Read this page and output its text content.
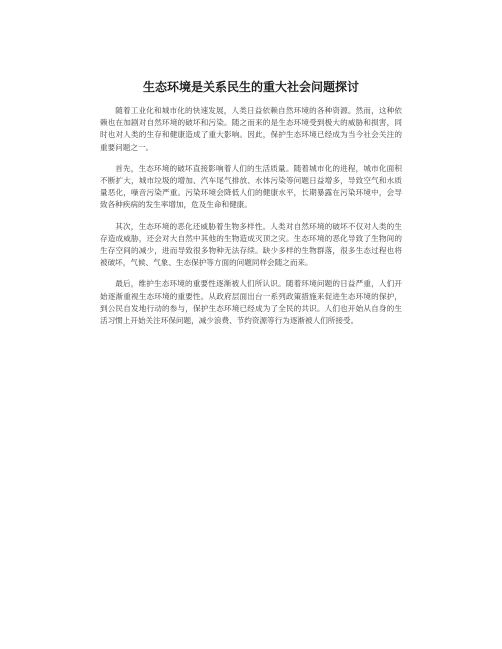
生态环境是关系民生的重大社会问题探讨

随着工业化和城市化的快速发展，人类日益依赖自然环境的各种资源。然而，这种依赖也在加剧对自然环境的破坏和污染。随之而来的是生态环境受到极大的威胁和损害，同时也对人类的生存和健康造成了重大影响。因此，保护生态环境已经成为当今社会关注的重要问题之一。

首先，生态环境的破坏直接影响着人们的生活质量。随着城市化的进程，城市化面积不断扩大，城市垃圾的增加、汽车尾气排放、水体污染等问题日益增多，导致空气和水质量恶化，噪音污染严重。污染环境会降低人们的健康水平，长期暴露在污染环境中，会导致各种疾病的发生率增加，危及生命和健康。

其次，生态环境的恶化还威胁着生物多样性。人类对自然环境的破坏不仅对人类的生存造成威胁，还会对大自然中其他的生物造成灭顶之灾。生态环境的恶化导致了生物间的生存空间的减少，进而导致很多物种无法存续。缺少多样的生物群落，很多生态过程也将被破坏，气候、气象、生态保护等方面的问题同样会随之而来。

最后，维护生态环境的重要性逐渐被人们所认识。随着环境问题的日益严重，人们开始逐渐重视生态环境的重要性。从政府层面出台一系列政策措施来促进生态环境的保护，到公民自发地行动的参与，保护生态环境已经成为了全民的共识。人们也开始从自身的生活习惯上开始关注环保问题，减少浪费、节约资源等行为逐渐被人们所接受。
